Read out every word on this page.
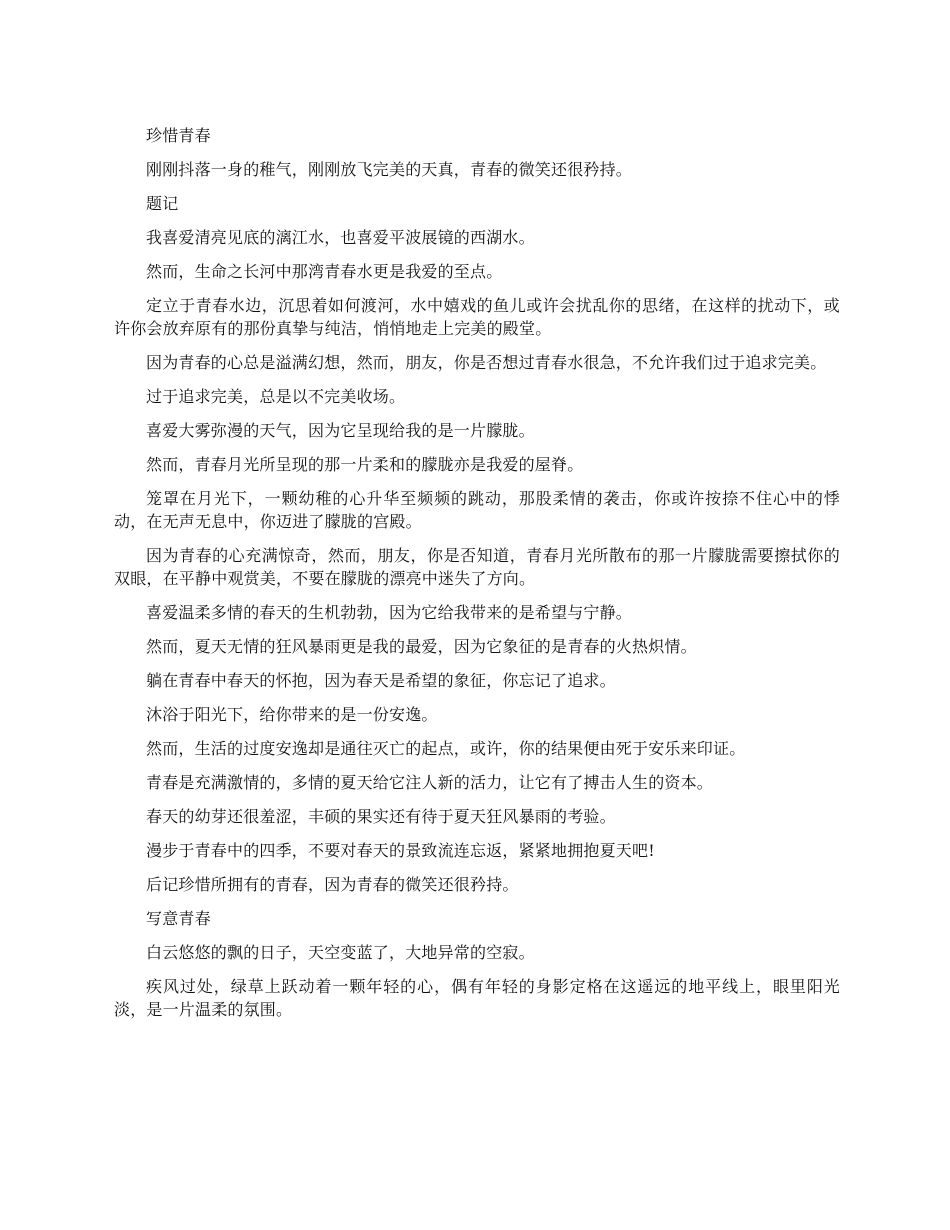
珍惜青春

刚刚抖落一身的稚气，刚刚放飞完美的天真，青春的微笑还很矜持。

题记

我喜爱清亮见底的漓江水，也喜爱平波展镜的西湖水。

然而，生命之长河中那湾青春水更是我爱的至点。

定立于青春水边，沉思着如何渡河，水中嬉戏的鱼儿或许会扰乱你的思绪，在这样的扰动下，或许你会放弃原有的那份真挚与纯洁，悄悄地走上完美的殿堂。

因为青春的心总是溢满幻想，然而，朋友，你是否想过青春水很急，不允许我们过于追求完美。

过于追求完美，总是以不完美收场。

喜爱大雾弥漫的天气，因为它呈现给我的是一片朦胧。

然而，青春月光所呈现的那一片柔和的朦胧亦是我爱的屋脊。

笼罩在月光下，一颗幼稚的心升华至频频的跳动，那股柔情的袭击，你或许按捺不住心中的悸动，在无声无息中，你迈进了朦胧的宫殿。

因为青春的心充满惊奇，然而，朋友，你是否知道，青春月光所散布的那一片朦胧需要擦拭你的双眼，在平静中观赏美，不要在朦胧的漂亮中迷失了方向。

喜爱温柔多情的春天的生机勃勃，因为它给我带来的是希望与宁静。

然而，夏天无情的狂风暴雨更是我的最爱，因为它象征的是青春的火热炽情。

躺在青春中春天的怀抱，因为春天是希望的象征，你忘记了追求。

沐浴于阳光下，给你带来的是一份安逸。

然而，生活的过度安逸却是通往灭亡的起点，或许，你的结果便由死于安乐来印证。

青春是充满激情的，多情的夏天给它注人新的活力，让它有了搏击人生的资本。

春天的幼芽还很羞涩，丰硕的果实还有待于夏天狂风暴雨的考验。

漫步于青春中的四季，不要对春天的景致流连忘返，紧紧地拥抱夏天吧!

后记珍惜所拥有的青春，因为青春的微笑还很矜持。

写意青春

白云悠悠的飘的日子，天空变蓝了，大地异常的空寂。

疾风过处，绿草上跃动着一颗年轻的心，偶有年轻的身影定格在这遥远的地平线上，眼里阳光淡，是一片温柔的氛围。
